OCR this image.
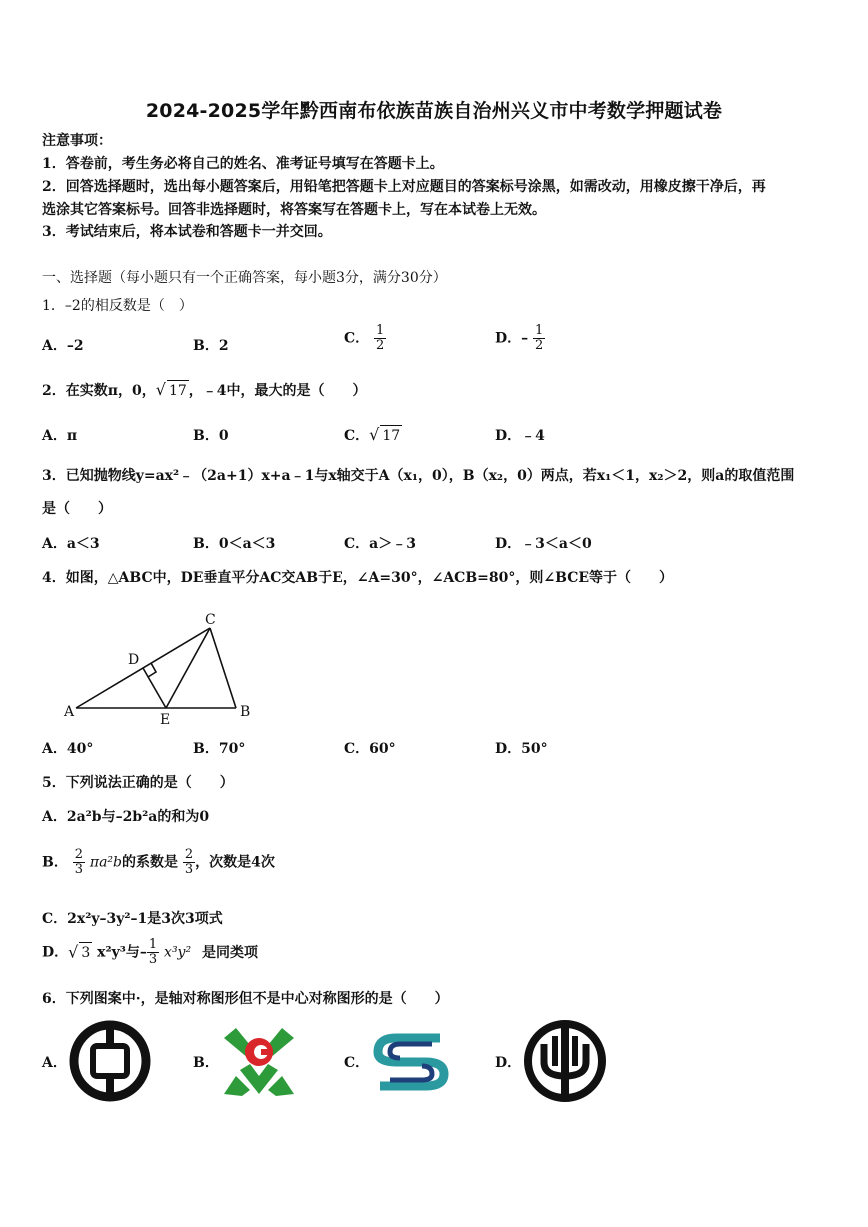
2024-2025学年黔西南布依族苗族自治州兴义市中考数学押题试卷
注意事项：
1．答卷前，考生务必将自己的姓名、准考证号填写在答题卡上。
2．回答选择题时，选出每小题答案后，用铅笔把答题卡上对应题目的答案标号涂黑，如需改动，用橡皮擦干净后，再
选涂其它答案标号。回答非选择题时，将答案写在答题卡上，写在本试卷上无效。
3．考试结束后，将本试卷和答题卡一并交回。
一、选择题（每小题只有一个正确答案，每小题3分，满分30分）
1．–2的相反数是（　）
A．–2	B．2	C． $\frac{1}{2}$	D．– $\frac{1}{2}$
2．在实数π，0，√ 17 ，﹣4中，最大的是（　　）
A．π	B．0	C．√ 17	D．﹣4
3．已知抛物线y=ax²﹣（2a+1）x+a﹣1与x轴交于A（x₁，0），B（x₂，0）两点，若x₁＜1，x₂＞2，则a的取值范围
是（　　）
A．a＜3	B．0＜a＜3	C．a＞﹣3	D．﹣3＜a＜0
4．如图，△ABC中，DE垂直平分AC交AB于E，∠A=30°，∠ACB=80°，则∠BCE等于（　　）
A	B
C
D
E
A．40°	B．70°	C．60°	D．50°
5．下列说法正确的是（　　）
A．2a²b与–2b²a的和为0
B． $\frac{2}{3} \pi a^2b$的系数是 $\frac{2}{3}$ ，次数是4次
C．2x²y–3y²–1是3次3项式
D．√ 3 x²y³与– $\frac{1}{3} x^3y^2$ 是同类项
6．下列图案中·，是轴对称图形但不是中心对称图形的是（　　）
A．	B．	C．	D．
